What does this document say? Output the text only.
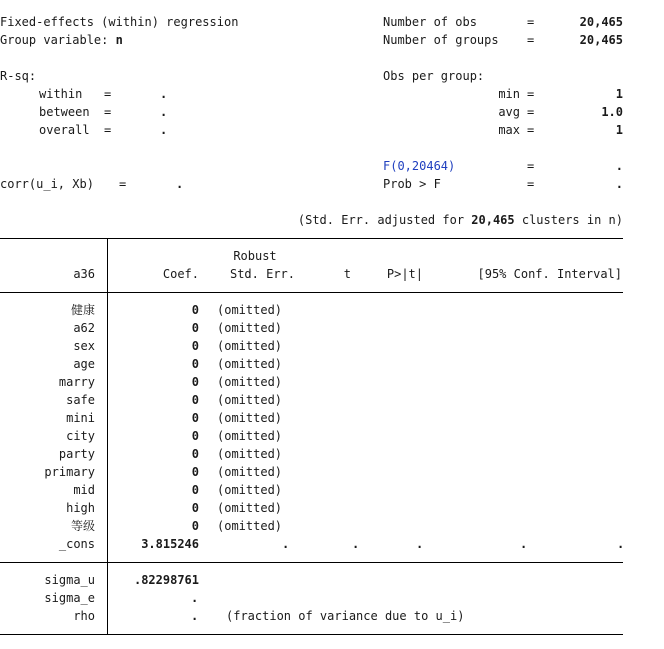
Fixed-effects (within) regression
Group variable: n
Number of obs	=	20,465
Number of groups =	20,465
R-sq:
within =	.
between =	.
overall =	.
Obs per group:
min =	1
avg =	1.0
max =	1
F(0,20464)	=	.
corr(u_i, Xb) =	.	Prob > F	=	.
(Std. Err. adjusted for 20,465 clusters in n)
Robust
a36	Coef.	Std. Err.	t	P>|t|	[95% Conf. Interval]
健康	0 (omitted)
a62	0 (omitted)
sex	0 (omitted)
age	0 (omitted)
marry	0 (omitted)
safe	0 (omitted)
mini	0 (omitted)
city	0 (omitted)
party	0 (omitted)
primary	0 (omitted)
mid	0 (omitted)
high	0 (omitted)
等级	0 (omitted)
_cons	3.815246	.	.	.	.	.
sigma_u	.82298761
sigma_e	.
rho	. (fraction of variance due to u_i)
